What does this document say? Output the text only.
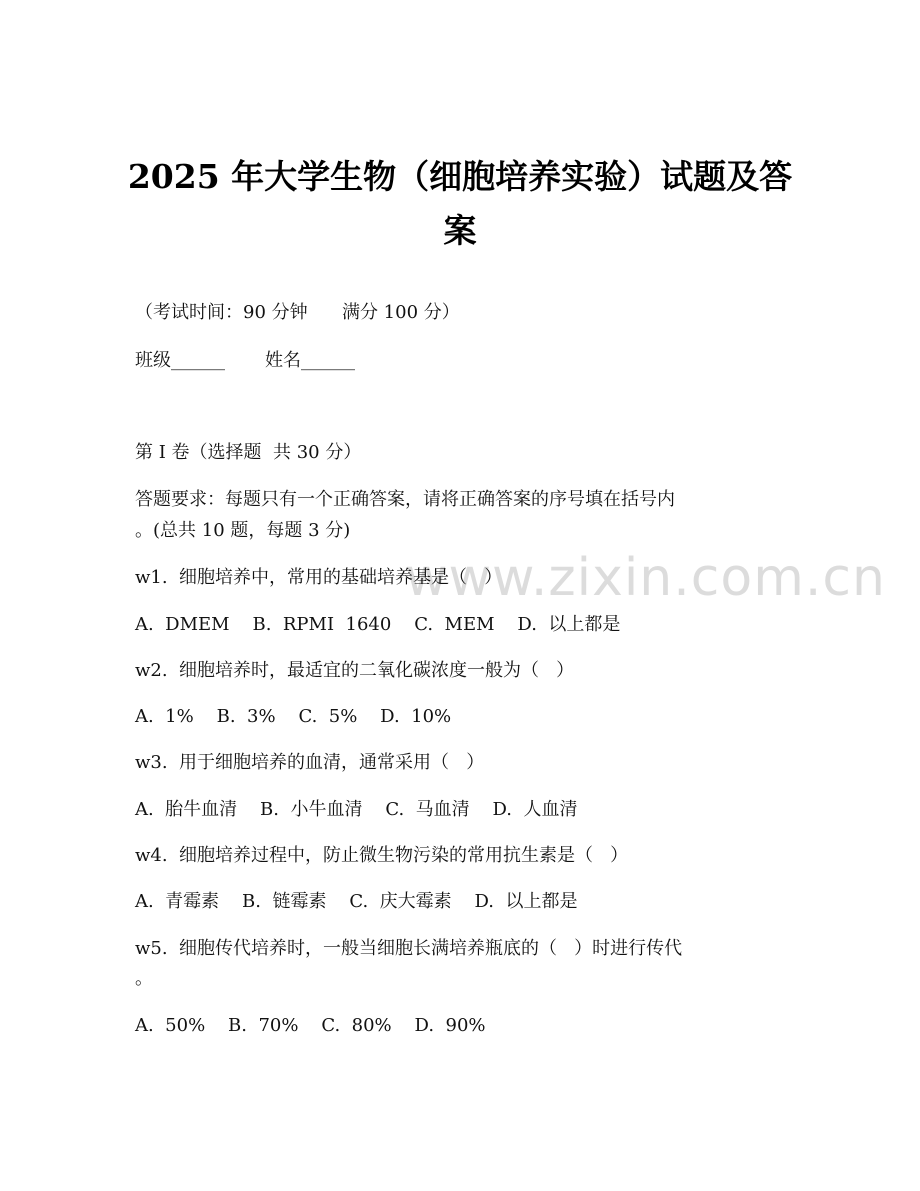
www.zixin.com.cn
2025 年大学生物（细胞培养实验）试题及答
案
（考试时间：90 分钟      满分 100 分）
班级______       姓名______
第 I 卷（选择题  共 30 分）
答题要求：每题只有一个正确答案，请将正确答案的序号填在括号内
。(总共 10 题，每题 3 分)
w1.  细胞培养中，常用的基础培养基是（   ）
A.  DMEM    B.  RPMI  1640    C.  MEM    D.  以上都是
w2.  细胞培养时，最适宜的二氧化碳浓度一般为（   ）
A.  1%    B.  3%    C.  5%    D.  10%
w3.  用于细胞培养的血清，通常采用（   ）
A.  胎牛血清    B.  小牛血清    C.  马血清    D.  人血清
w4.  细胞培养过程中，防止微生物污染的常用抗生素是（   ）
A.  青霉素    B.  链霉素    C.  庆大霉素    D.  以上都是
w5.  细胞传代培养时，一般当细胞长满培养瓶底的（   ）时进行传代
。
A.  50%    B.  70%    C.  80%    D.  90%
